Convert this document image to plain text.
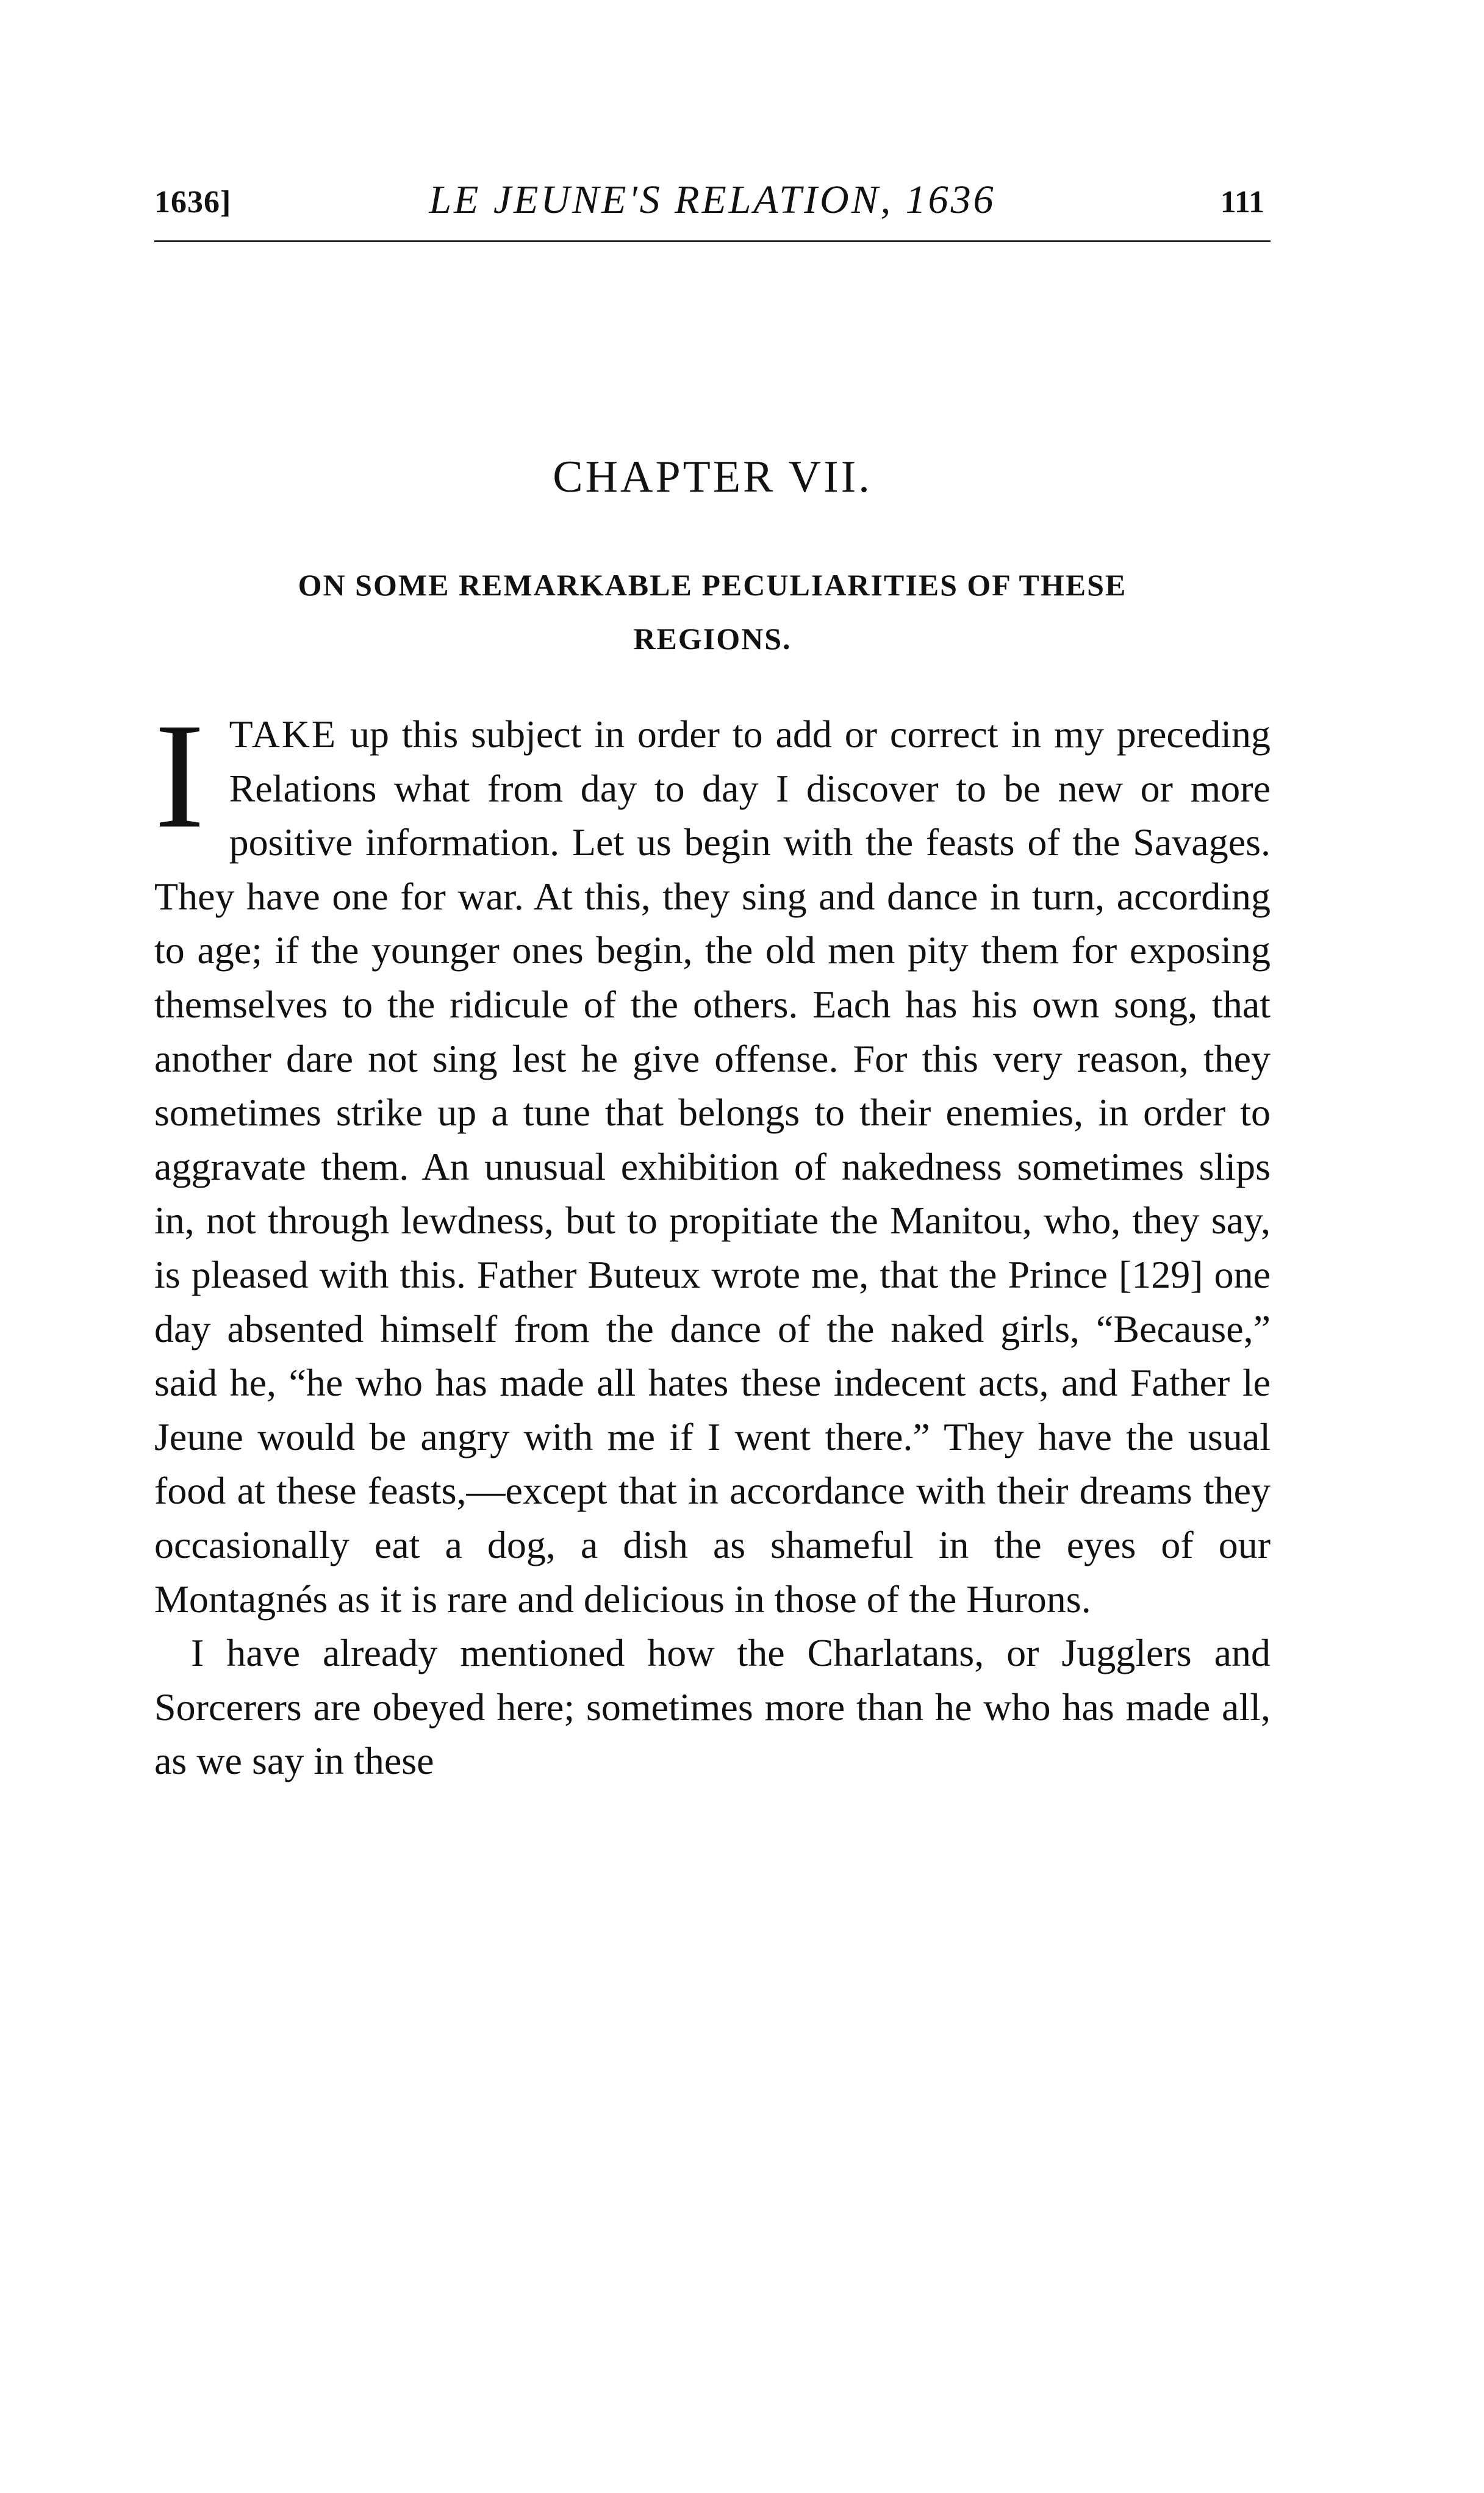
1636]	LE JEUNE'S RELATION, 1636	111
CHAPTER VII.
ON SOME REMARKABLE PECULIARITIES OF THESE
REGIONS.

ITAKE up this subject in order to add or correct in my preceding Relations what from day to day I discover to be new or more positive information. Let us begin with the feasts of the Savages. They have one for war. At this, they sing and dance in turn, according to age; if the younger ones begin, the old men pity them for exposing themselves to the ridicule of the others. Each has his own song, that another dare not sing lest he give offense. For this very reason, they sometimes strike up a tune that belongs to their enemies, in order to aggravate them. An unusual exhibition of nakedness sometimes slips in, not through lewdness, but to propitiate the Manitou, who, they say, is pleased with this. Father Buteux wrote me, that the Prince [129] one day absented himself from the dance of the naked girls, “Because,” said he, “he who has made all hates these indecent acts, and Father le Jeune would be angry with me if I went there.” They have the usual food at these feasts,—except that in accordance with their dreams they occasionally eat a dog, a dish as shameful in the eyes of our Montagnés as it is rare and delicious in those of the Hurons.

I have already mentioned how the Charlatans, or Jugglers and Sorcerers are obeyed here; sometimes more than he who has made all, as we say in these
